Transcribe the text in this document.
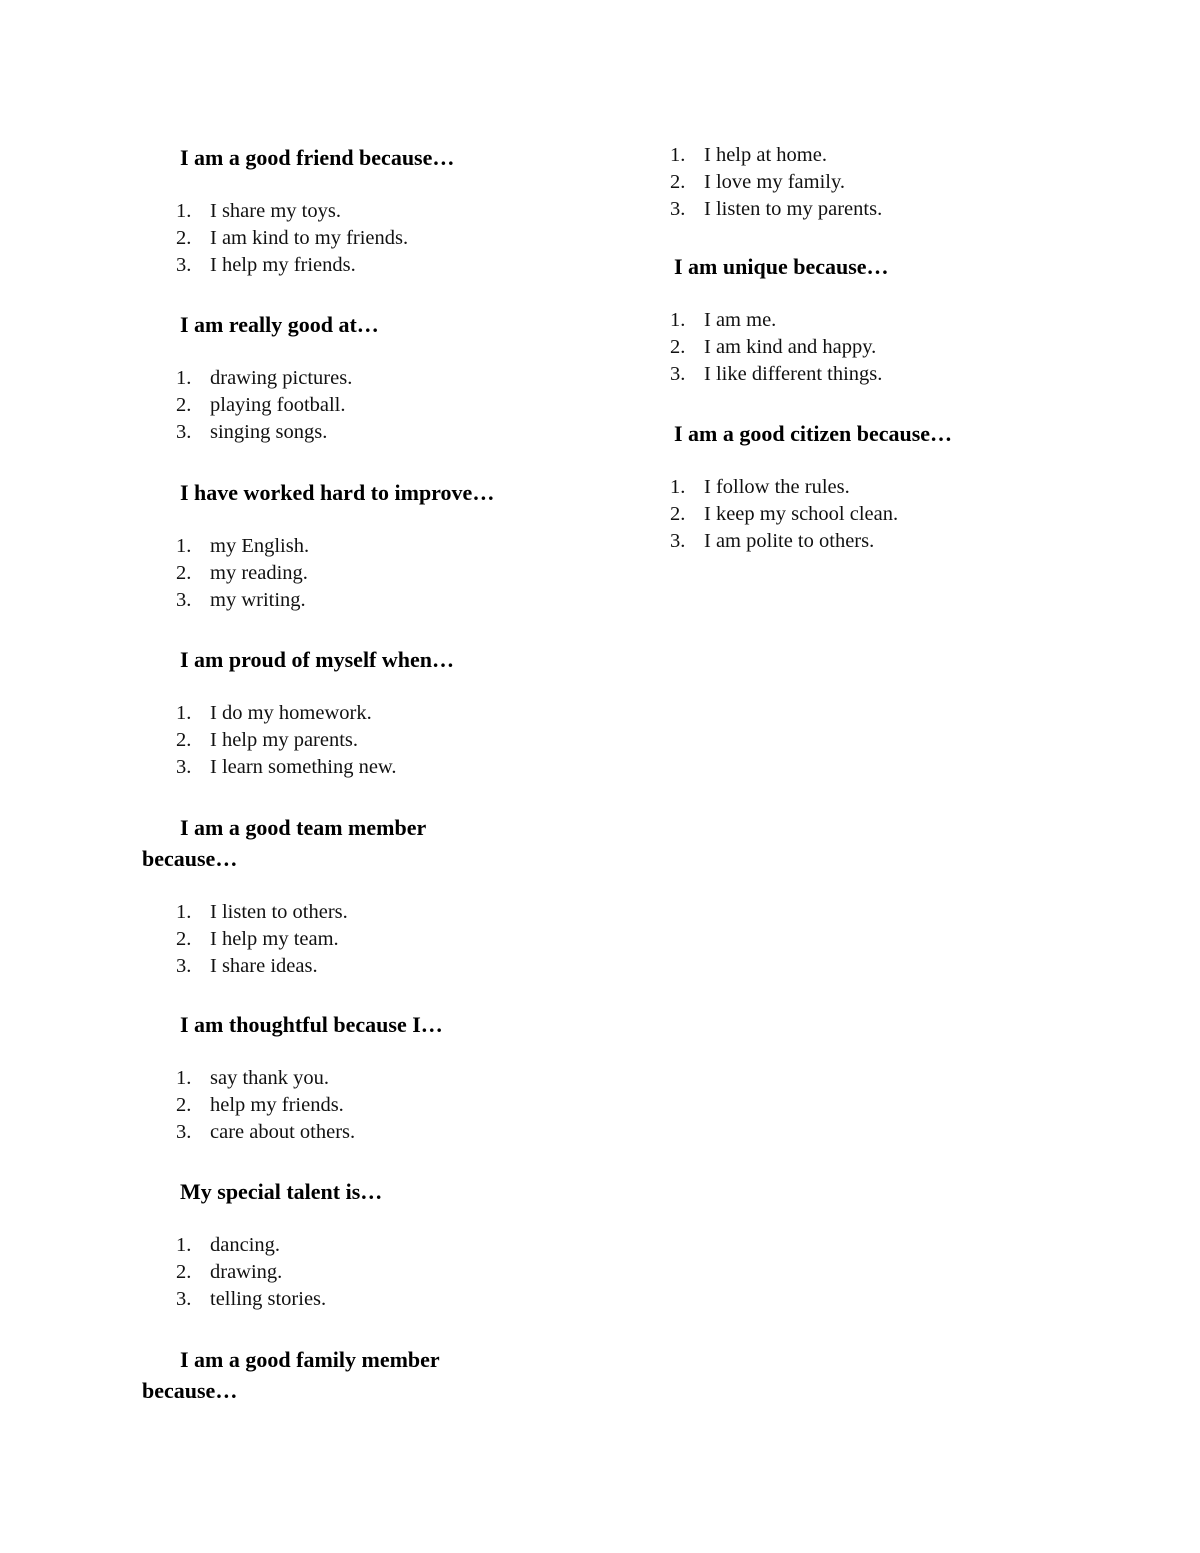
I am a good friend because…
1. I share my toys.
2. I am kind to my friends.
3. I help my friends.
I am really good at…
1. drawing pictures.
2. playing football.
3. singing songs.
I have worked hard to improve…
1. my English.
2. my reading.
3. my writing.
I am proud of myself when…
1. I do my homework.
2. I help my parents.
3. I learn something new.
I am a good team member because…
1. I listen to others.
2. I help my team.
3. I share ideas.
I am thoughtful because I…
1. say thank you.
2. help my friends.
3. care about others.
My special talent is…
1. dancing.
2. drawing.
3. telling stories.
I am a good family member because…
1. I help at home.
2. I love my family.
3. I listen to my parents.
I am unique because…
1. I am me.
2. I am kind and happy.
3. I like different things.
I am a good citizen because…
1. I follow the rules.
2. I keep my school clean.
3. I am polite to others.
